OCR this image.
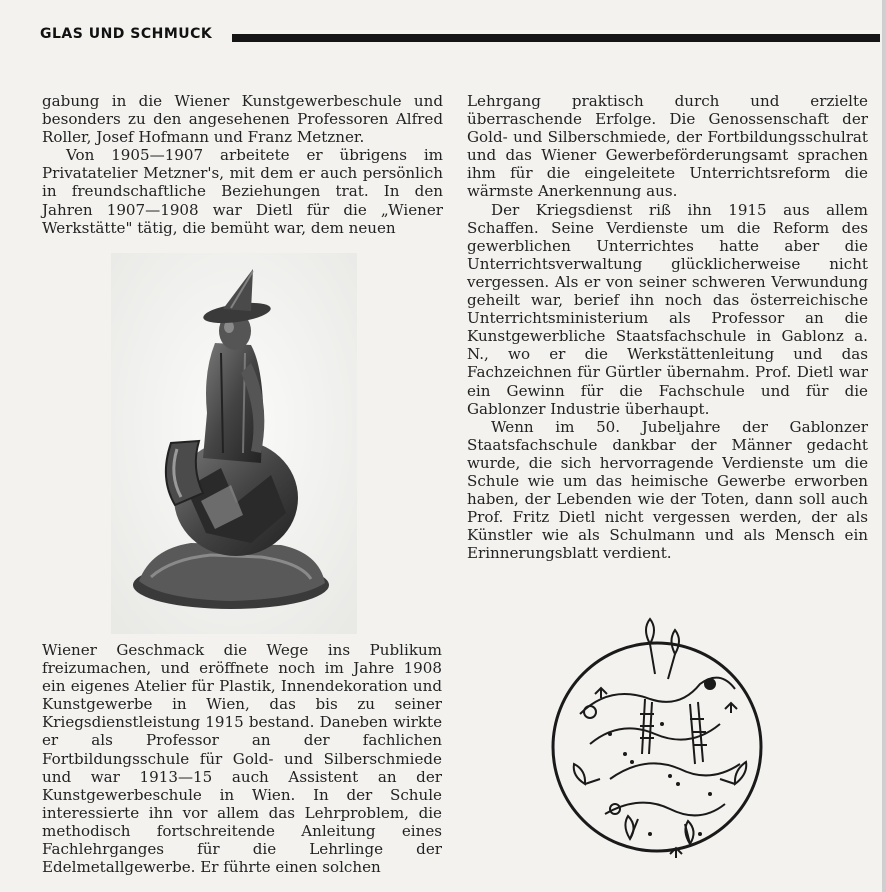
GLAS UND SCHMUCK

gabung in die Wiener Kunstgewerbeschule und besonders zu den angesehenen Professoren Alfred Roller, Josef Hofmann und Franz Metzner.

Von 1905—1907 arbeitete er übrigens im Privatatelier Metzner's, mit dem er auch persönlich in freundschaftliche Beziehungen trat. In den Jahren 1907—1908 war Dietl für die „Wiener Werkstätte" tätig, die bemüht war, dem neuen

Wiener Geschmack die Wege ins Publikum freizumachen, und eröffnete noch im Jahre 1908 ein eigenes Atelier für Plastik, Innendekoration und Kunstgewerbe in Wien, das bis zu seiner Kriegsdienstleistung 1915 bestand. Daneben wirkte er als Professor an der fachlichen Fortbildungsschule für Gold- und Silberschmiede und war 1913—15 auch Assistent an der Kunstgewerbeschule in Wien. In der Schule interessierte ihn vor allem das Lehrproblem, die methodisch fortschreitende Anleitung eines Fachlehrganges für die Lehrlinge der Edelmetallgewerbe. Er führte einen solchen

Lehrgang praktisch durch und erzielte überraschende Erfolge. Die Genossenschaft der Gold- und Silberschmiede, der Fortbildungsschulrat und das Wiener Gewerbeförderungsamt sprachen ihm für die eingeleitete Unterrichtsreform die wärmste Anerkennung aus.

Der Kriegsdienst riß ihn 1915 aus allem Schaffen. Seine Verdienste um die Reform des gewerblichen Unterrichtes hatte aber die Unterrichtsverwaltung glücklicherweise nicht vergessen. Als er von seiner schweren Verwundung geheilt war, berief ihn noch das österreichische Unterrichtsministerium als Professor an die Kunstgewerbliche Staatsfachschule in Gablonz a. N., wo er die Werkstättenleitung und das Fachzeichnen für Gürtler übernahm. Prof. Dietl war ein Gewinn für die Fachschule und für die Gablonzer Industrie überhaupt.

Wenn im 50. Jubeljahre der Gablonzer Staatsfachschule dankbar der Männer gedacht wurde, die sich hervorragende Verdienste um die Schule wie um das heimische Gewerbe erworben haben, der Lebenden wie der Toten, dann soll auch Prof. Fritz Dietl nicht vergessen werden, der als Künstler wie als Schulmann und als Mensch ein Erinnerungsblatt verdient.
